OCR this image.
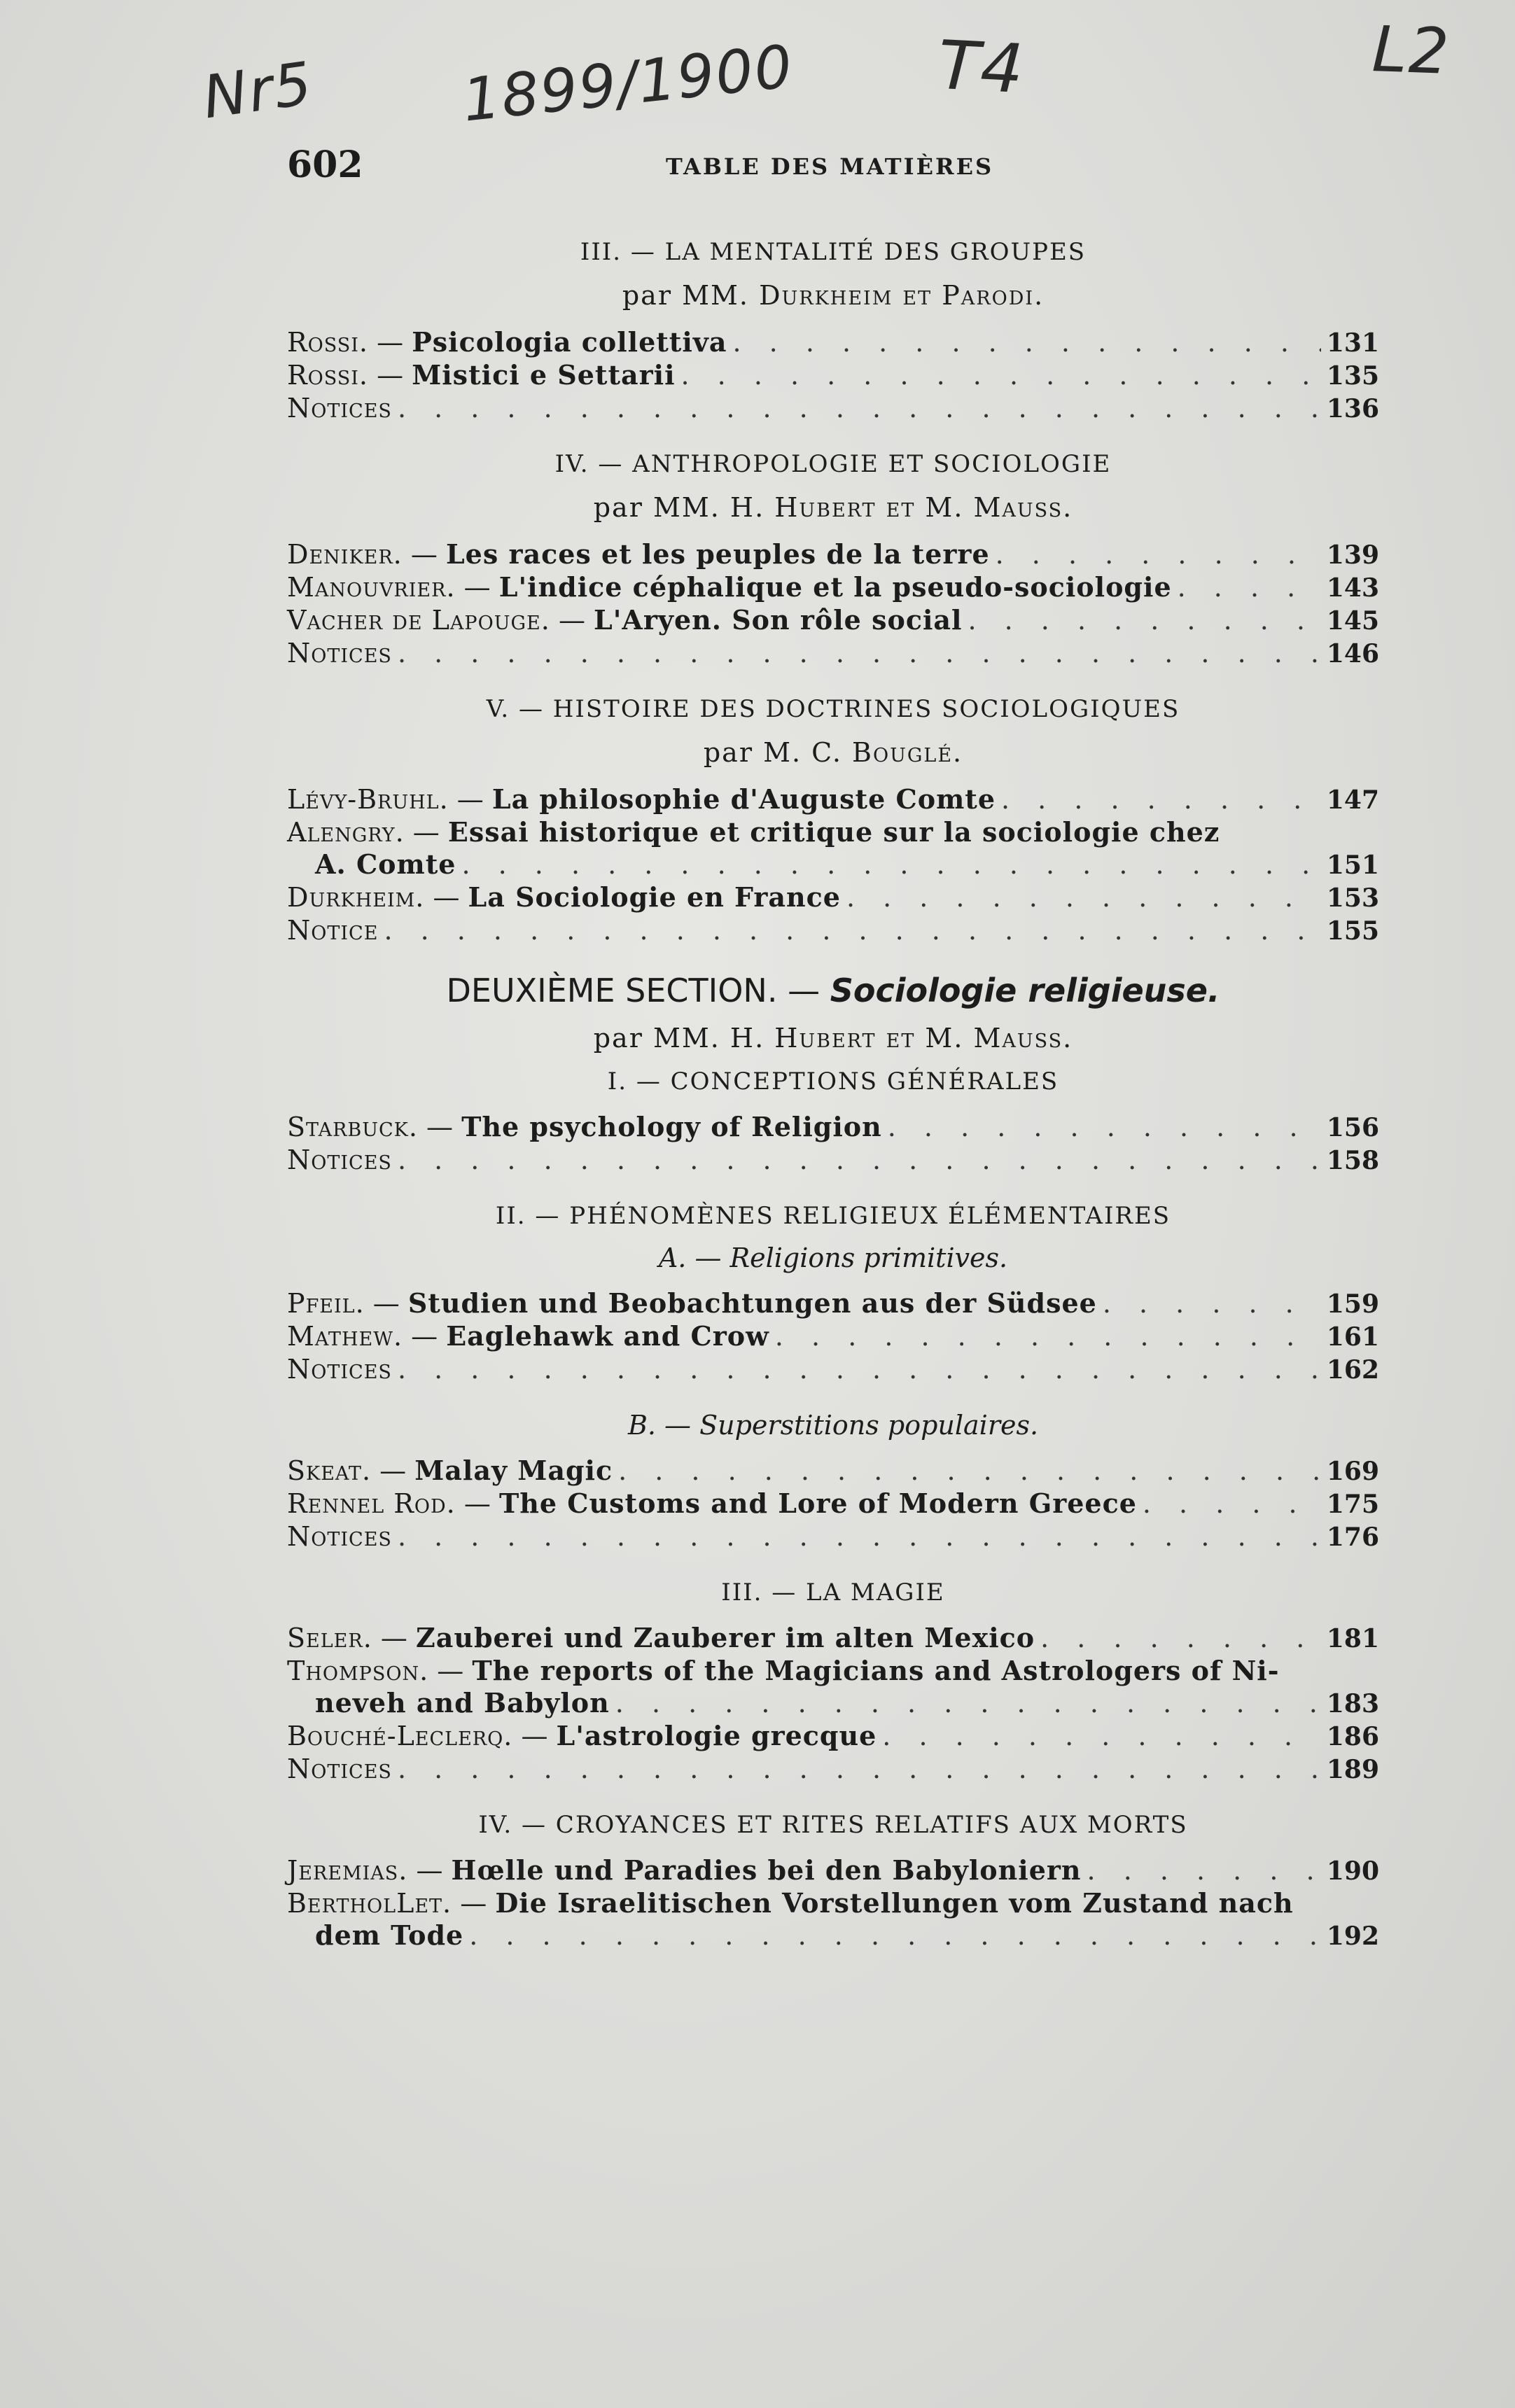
Nr5 1899/1900 T4	L2
602	TABLE DES MATIÈRES

III. — LA MENTALITÉ DES GROUPES

par MM. Durkheim et Parodi.

Rossi. — Psicologia collettiva . . .	131
Rossi. — Mistici e Settarii . . .	135
Notices . . .	136

IV. — ANTHROPOLOGIE ET SOCIOLOGIE

par MM. H. Hubert et M. Mauss.

Deniker. — Les races et les peuples de la terre . . .	139
Manouvrier. — L'indice céphalique et la pseudo-sociologie . . .	143
Vacher de Lapouge. — L'Aryen. Son rôle social . . .	145
Notices . . .	146

V. — HISTOIRE DES DOCTRINES SOCIOLOGIQUES

par M. C. Bouglé.

Lévy-Bruhl. — La philosophie d'Auguste Comte . . .	147
Alengry. — Essai historique et critique sur la sociologie chez
A. Comte . . .	151
Durkheim. — La Sociologie en France . . .	153
Notice . . .	155

DEUXIÈME SECTION. — Sociologie religieuse.

par MM. H. Hubert et M. Mauss.

I. — CONCEPTIONS GÉNÉRALES

Starbuck. — The psychology of Religion . . .	156
Notices . . .	158

II. — PHÉNOMÈNES RELIGIEUX ÉLÉMENTAIRES

A. — Religions primitives.

Pfeil. — Studien und Beobachtungen aus der Südsee . . .	159
Mathew. — Eaglehawk and Crow . . .	161
Notices . . .	162

B. — Superstitions populaires.

Skeat. — Malay Magic . . .	169
Rennel Rod. — The Customs and Lore of Modern Greece . . .	175
Notices . . .	176

III. — LA MAGIE

Seler. — Zauberei und Zauberer im alten Mexico . . .	181
Thompson. — The reports of the Magicians and Astrologers of Ni-
neveh and Babylon . . .	183
Bouché-Leclerq. — L'astrologie grecque . . .	186
Notices . . .	189

IV. — CROYANCES ET RITES RELATIFS AUX MORTS

Jeremias. — Hœlle und Paradies bei den Babyloniern . . .	190
BertholLet. — Die Israelitischen Vorstellungen vom Zustand nach
dem Tode . . .	192
